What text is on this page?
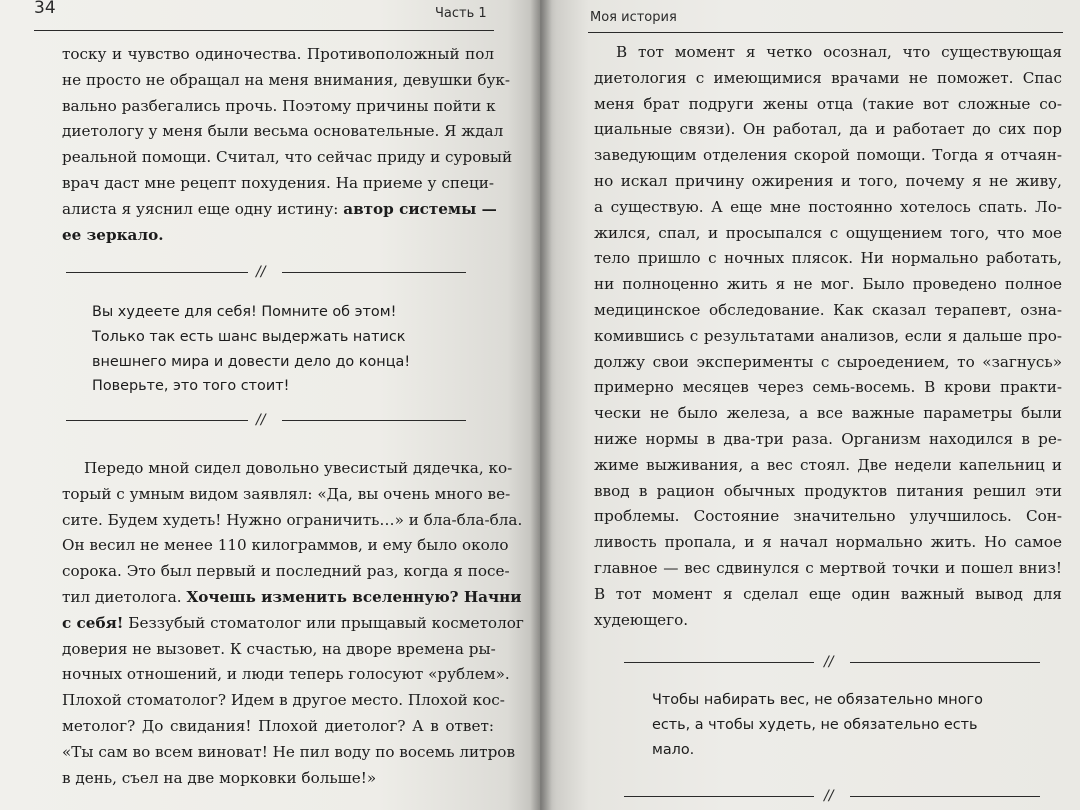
34	Часть 1
тоску и чувство одиночества. Противоположный пол
не просто не обращал на меня внимания, девушки бук-
вально разбегались прочь. Поэтому причины пойти к
диетологу у меня были весьма основательные. Я ждал
реальной помощи. Считал, что сейчас приду и суровый
врач даст мне рецепт похудения. На приеме у специ-
алиста я уяснил еще одну истину: автор системы —
ее зеркало.
//
Вы худеете для себя! Помните об этом!
Только так есть шанс выдержать натиск
внешнего мира и довести дело до конца!
Поверьте, это того стоит!
//
Передо мной сидел довольно увесистый дядечка, ко-
торый с умным видом заявлял: «Да, вы очень много ве-
сите. Будем худеть! Нужно ограничить…» и бла-бла-бла.
Он весил не менее 110 килограммов, и ему было около
сорока. Это был первый и последний раз, когда я посе-
тил диетолога. Хочешь изменить вселенную? Начни
с себя! Беззубый стоматолог или прыщавый косметолог
доверия не вызовет. К счастью, на дворе времена ры-
ночных отношений, и люди теперь голосуют «рублем».
Плохой стоматолог? Идем в другое место. Плохой кос-
метолог? До свидания! Плохой диетолог? А в ответ:
«Ты сам во всем виноват! Не пил воду по восемь литров
в день, съел на две морковки больше!»
Моя история
В тот момент я четко осознал, что существующая
диетология с имеющимися врачами не поможет. Спас
меня брат подруги жены отца (такие вот сложные со-
циальные связи). Он работал, да и работает до сих пор
заведующим отделения скорой помощи. Тогда я отчаян-
но искал причину ожирения и того, почему я не живу,
а существую. А еще мне постоянно хотелось спать. Ло-
жился, спал, и просыпался с ощущением того, что мое
тело пришло с ночных плясок. Ни нормально работать,
ни полноценно жить я не мог. Было проведено полное
медицинское обследование. Как сказал терапевт, озна-
комившись с результатами анализов, если я дальше про-
должу свои эксперименты с сыроедением, то «загнусь»
примерно месяцев через семь-восемь. В крови практи-
чески не было железа, а все важные параметры были
ниже нормы в два-три раза. Организм находился в ре-
жиме выживания, а вес стоял. Две недели капельниц и
ввод в рацион обычных продуктов питания решил эти
проблемы. Состояние значительно улучшилось. Сон-
ливость пропала, и я начал нормально жить. Но самое
главное — вес сдвинулся с мертвой точки и пошел вниз!
В тот момент я сделал еще один важный вывод для
худеющего.
//
Чтобы набирать вес, не обязательно много
есть, а чтобы худеть, не обязательно есть
мало.
//
